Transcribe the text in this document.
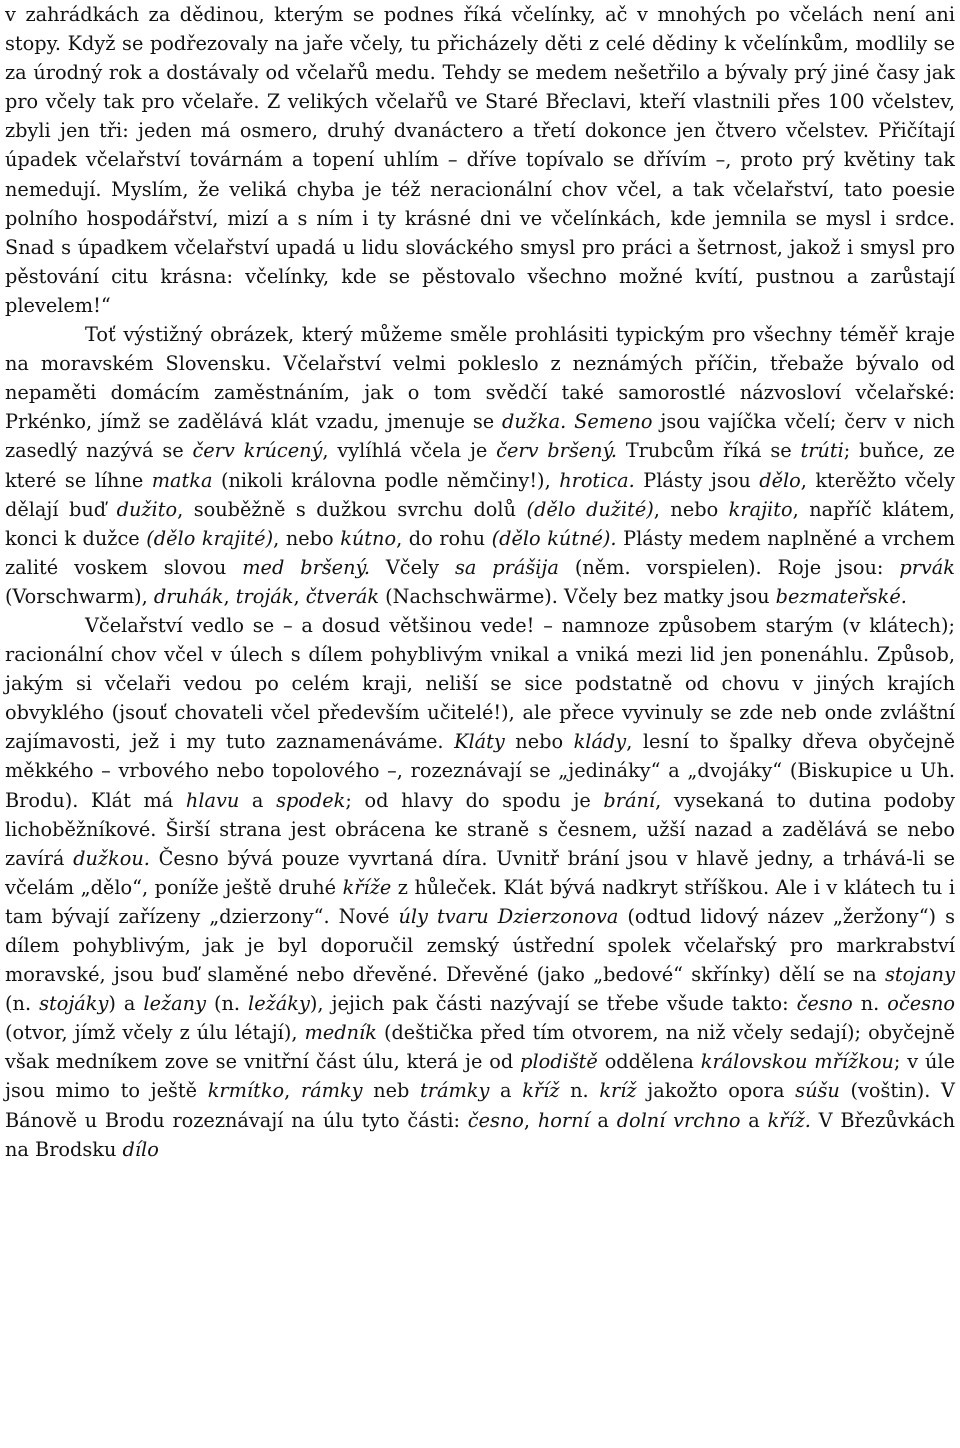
v zahrádkách za dědinou, kterým se podnes říká včelínky, ač v mnohých po včelách není ani stopy. Když se podřezovaly na jaře včely, tu přicházely děti z celé dědiny k včelínkům, modlily se za úrodný rok a dostávaly od včelařů medu. Tehdy se medem nešetřilo a bývaly prý jiné časy jak pro včely tak pro včelaře. Z velikých včelařů ve Staré Břeclavi, kteří vlastnili přes 100 včelstev, zbyli jen tři: jeden má osmero, druhý dvanáctero a třetí dokonce jen čtvero včelstev. Přičítají úpadek včelařství továrnám a topení uhlím – dříve topívalo se dřívím –, proto prý květiny tak nemedují. Myslím, že veliká chyba je též neracionální chov včel, a tak včelařství, tato poesie polního hospodářství, mizí a s ním i ty krásné dni ve včelínkách, kde jemnila se mysl i srdce. Snad s úpadkem včelařství upadá u lidu slováckého smysl pro práci a šetrnost, jakož i smysl pro pěstování citu krásna: včelínky, kde se pěstovalo všechno možné kvítí, pustnou a zarůstají plevelem!“

Toť výstižný obrázek, který můžeme směle prohlásiti typickým pro všechny téměř kraje na moravském Slovensku. Včelařství velmi pokleslo z neznámých příčin, třebaže bývalo od nepaměti domácím zaměstnáním, jak o tom svědčí také samorostlé názvosloví včelařské: Prkénko, jímž se zadělává klát vzadu, jmenuje se dužka. Semeno jsou vajíčka včelí; červ v nich zasedlý nazývá se červ krúcený, vylíhlá včela je červ bršený. Trubcům říká se trúti; buňce, ze které se líhne matka (nikoli královna podle němčiny!), hrotica. Plásty jsou dělo, kterěžto včely dělají buď dužito, souběžně s dužkou svrchu dolů (dělo dužité), nebo krajito, napříč klátem, konci k dužce (dělo krajité), nebo kútno, do rohu (dělo kútné). Plásty medem naplněné a vrchem zalité voskem slovou med bršený. Včely sa prášija (něm. vorspielen). Roje jsou: prvák (Vorschwarm), druhák, troják, čtverák (Nachschwärme). Včely bez matky jsou bezmateřské.

Včelařství vedlo se – a dosud většinou vede! – namnoze způsobem starým (v klátech); racionální chov včel v úlech s dílem pohyblivým vnikal a vniká mezi lid jen ponenáhlu. Způsob, jakým si včelaři vedou po celém kraji, neliší se sice podstatně od chovu v jiných krajích obvyklého (jsouť chovateli včel především učitelé!), ale přece vyvinuly se zde neb onde zvláštní zajímavosti, jež i my tuto zaznamenáváme. Kláty nebo klády, lesní to špalky dřeva obyčejně měkkého – vrbového nebo topolového –, rozeznávají se „jedináky“ a „dvojáky“ (Biskupice u Uh. Brodu). Klát má hlavu a spodek; od hlavy do spodu je brání, vysekaná to dutina podoby lichoběžníkové. Širší strana jest obrácena ke straně s česnem, užší nazad a zadělává se nebo zavírá dužkou. Česno bývá pouze vyvrtaná díra. Uvnitř brání jsou v hlavě jedny, a trhává-li se včelám „dělo“, poníže ještě druhé kříže z hůleček. Klát bývá nadkryt stříškou. Ale i v klátech tu i tam bývají zařízeny „dzierzony“. Nové úly tvaru Dzierzonova (odtud lidový název „žeržony“) s dílem pohyblivým, jak je byl doporučil zemský ústřední spolek včelařský pro markrabství moravské, jsou buď slaměné nebo dřevěné. Dřevěné (jako „bedové“ skřínky) dělí se na stojany (n. stojáky) a ležany (n. ležáky), jejich pak části nazývají se třebe všude takto: česno n. očesno (otvor, jímž včely z úlu létají), medník (deštička před tím otvorem, na niž včely sedají); obyčejně však medníkem zove se vnitřní část úlu, která je od plodiště oddělena královskou mřížkou; v úle jsou mimo to ještě krmítko, rámky neb trámky a kříž n. kríž jakožto opora súšu (voštin). V Bánově u Brodu rozeznávají na úlu tyto části: česno, horní a dolní vrchno a kříž. V Březůvkách na Brodsku dílo
